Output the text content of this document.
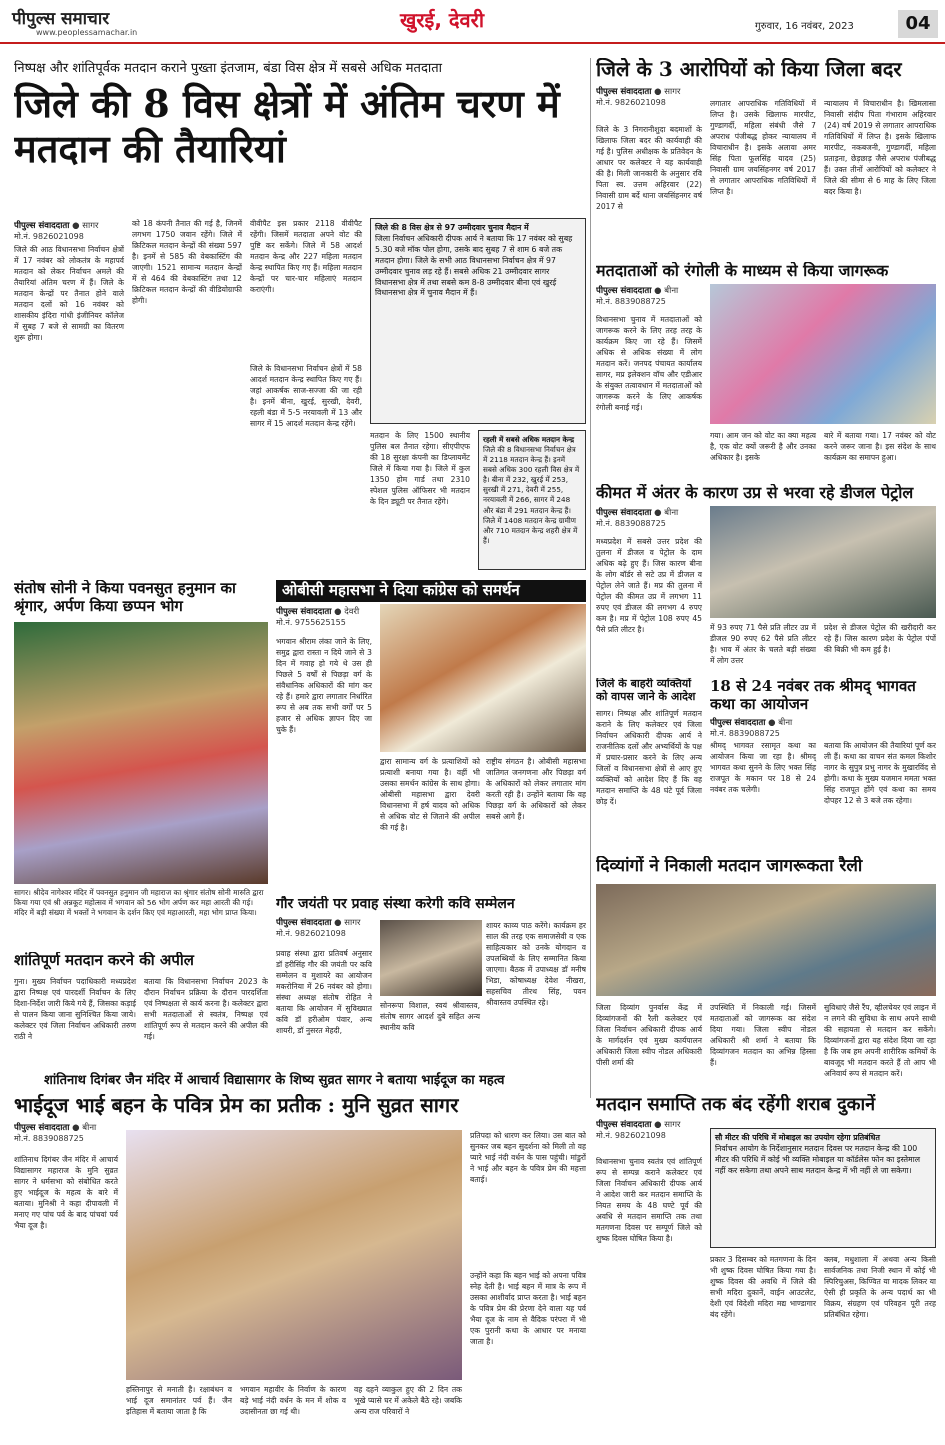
पीपुल्स समाचार
www.peoplessamachar.in
खुरई, देवरी	गुरुवार, 16 नवंबर, 2023	04
निष्पक्ष और शांतिपूर्वक मतदान कराने पुख्ता इंतजाम, बंडा विस क्षेत्र में सबसे अधिक मतदाता
जिले की 8 विस क्षेत्रों में अंतिम चरण में मतदान की तैयारियां
पीपुल्स संवाददाता ● सागर
मो.नं. 9826021098
जिले की आठ विधानसभा निर्वाचन क्षेत्रों में 17 नवंबर को लोकतंत्र के महापर्व मतदान को लेकर निर्वाचन अमले की तैयारियां अंतिम चरण में हैं। जिले के मतदान केन्द्रों पर तैनात होने वाले मतदान दलों को 16 नवंबर को शासकीय इंदिरा गांधी इंजीनियर कॉलेज में सुबह 7 बजे से सामग्री का वितरण शुरू होगा।
को 18 कंपनी तैनात की गई है, जिनमें लगभग 1750 जवान रहेंगे। जिले में क्रिटिकल मतदान केन्द्रों की संख्या 597 है। इनमें से 585 की वेबकास्टिंग की जाएगी। 1521 सामान्य मतदान केन्द्रों में से 464 की वेबकास्टिंग तथा 12 क्रिटिकल मतदान केन्द्रों की वीडियोग्राफी होगी।
वीवीपैट इस प्रकार 2118 वीवीपैट रहेंगी। जिसमें मतदाता अपने वोट की पुष्टि कर सकेंगे। जिले में 58 आदर्श मतदान केन्द्र और 227 महिला मतदान केन्द्र स्थापित किए गए हैं। महिला मतदान केन्द्रों पर चार-चार महिलाएं मतदान कराएंगी।
जिले की 8 विस क्षेत्र से 97 उम्मीदवार चुनाव मैदान में
जिला निर्वाचन अधिकारी दीपक आर्य ने बताया कि 17 नवंबर को सुबह 5.30 बजे मॉक पोल होगा, उसके बाद सुबह 7 से शाम 6 बजे तक मतदान होगा। जिले के सभी आठ विधानसभा निर्वाचन क्षेत्र में 97 उम्मीदवार चुनाव लड़ रहे हैं। सबसे अधिक 21 उम्मीदवार सागर विधानसभा क्षेत्र में तथा सबसे कम 8-8 उम्मीदवार बीना एवं खुरई विधानसभा क्षेत्र में चुनाव मैदान में हैं।
जिले के विधानसभा निर्वाचन क्षेत्रों में 58 आदर्श मतदान केन्द्र स्थापित किए गए हैं। जहां आकर्षक साज-सज्जा की जा रही है। इनमें बीना, खुरई, सुरखी, देवरी, रहली बंडा में 5-5 नरयावली में 13 और सागर में 15 आदर्श मतदान केन्द्र रहेंगे।
मतदान के लिए 1500 स्थानीय पुलिस बल तैनात रहेगा। सीएपीएफ की 18 सुरक्षा कंपनी का डिप्लायमेंट जिले में किया गया है। जिले में कुल 1350 होम गार्ड तथा 2310 स्पेशल पुलिस ऑफिसर भी मतदान के दिन ड्यूटी पर तैनात रहेंगे।
रहली में सबसे अधिक मतदान केन्द्र
जिले की 8 विधानसभा निर्वाचन क्षेत्र में 2118 मतदान केन्द्र हैं। इनमें सबसे अधिक 300 रहली विस क्षेत्र में है। बीना में 232, खुरई में 253, सुरखी में 271, देवरी में 255, नरयावली में 266, सागर में 248 और बंडा में 291 मतदान केन्द्र हैं। जिले में 1408 मतदान केन्द्र ग्रामीण और 710 मतदान केन्द्र शहरी क्षेत्र में हैं।
जिले के 3 आरोपियों को किया जिला बदर
पीपुल्स संवाददाता ● सागर
मो.नं. 9826021098
जिले के 3 निगरानीशुदा बदमाशों के खिलाफ जिला बदर की कार्यवाही की गई है। पुलिस अधीक्षक के प्रतिवेदन के आधार पर कलेक्टर ने यह कार्यवाही की है। मिली जानकारी के अनुसार रवि पिता स्व. उत्तम अहिरवार (22) निवासी ग्राम बर्दे थाना जयसिंहनगर वर्ष 2017 से
लगातार आपराधिक गतिविधियों में लिप्त है। उसके खिलाफ मारपीट, गुण्डागर्दी, महिला संबंधी जैसे 7 अपराध पंजीबद्ध होकर न्यायालय में विचाराधीन है। इसके अलावा अमर सिंह पिता फूलसिंह यादव (25) निवासी ग्राम जयसिंहनगर वर्ष 2017 से लगातार आपराधिक गतिविधियों में लिप्त है।
न्यायालय में विचाराधीन है। खिमलासा निवासी संदीप पिता गंभाराम अहिरवार (24) वर्ष 2019 से लगातार आपराधिक गतिविधियों में लिप्त है। इसके खिलाफ मारपीट, नकबजनी, गुण्डागर्दी, महिला प्रताड़ना, छेड़छाड़ जैसे अपराध पंजीबद्ध हैं। उक्त तीनों आरोपियों को कलेक्टर ने जिले की सीमा से 6 माह के लिए जिला बदर किया है।
मतदाताओं को रंगोली के माध्यम से किया जागरूक
पीपुल्स संवाददाता ● बीना
मो.नं. 8839088725
विधानसभा चुनाव में मतदाताओं को जागरूक करने के लिए तरह तरह के कार्यक्रम किए जा रहे हैं। जिसमें अधिक से अधिक संख्या में लोग मतदान करें। जनपद पंचायत कार्यालय सागर, मप्र इलेक्शन वॉच और एडीआर के संयुक्त तत्वावधान में मतदाताओं को जागरूक करने के लिए आकर्षक रंगोली बनाई गई।
गया। आम जन को वोट का क्या महत्व है, एक वोट क्यों जरूरी है और उनका अधिकार है। इसके
बारे में बताया गया। 17 नवंबर को वोट करने जरूर जाना है। इस संदेश के साथ कार्यक्रम का समापन हुआ।
कीमत में अंतर के कारण उप्र से भरवा रहे डीजल पेट्रोल
पीपुल्स संवाददाता ● बीना
मो.नं. 8839088725
मध्यप्रदेश में सबसे उत्तर प्रदेश की तुलना में डीजल व पेट्रोल के दाम अधिक बढ़े हुए हैं। जिस कारण बीना के लोग बॉर्डर से सटे उप्र में डीजल व पेट्रोल लेने जाते हैं। मप्र की तुलना में पेट्रोल की कीमत उप्र में लगभग 11 रुपए एवं डीजल की लगभग 4 रुपए कम है। मप्र में पेट्रोल 108 रुपए 45 पैसे प्रति लीटर है।	में 93 रुपए 71 पैसे प्रति लीटर उप्र में डीजल 90 रुपए 62 पैसे प्रति लीटर है। भाव में अंतर के चलते बड़ी संख्या में लोग उत्तर
प्रदेश से डीजल पेट्रोल की खरीदारी कर रहे हैं। जिस कारण प्रदेश के पेट्रोल पंपों की बिक्री भी कम हुई है।
जिले के बाहरी व्यक्तियों को वापस जाने के आदेश
सागर। निष्पक्ष और शांतिपूर्ण मतदान कराने के लिए कलेक्टर एवं जिला निर्वाचन अधिकारी दीपक आर्य ने राजनीतिक दलों और अभ्यर्थियों के पक्ष में प्रचार-प्रसार करने के लिए अन्य जिलों व विधानसभा क्षेत्रों से आए हुए व्यक्तियों को आदेश दिए हैं कि वह मतदान समाप्ति के 48 घंटे पूर्व जिला छोड़ दें।
18 से 24 नवंबर तक श्रीमद् भागवत कथा का आयोजन
पीपुल्स संवाददाता ● बीना
मो.नं. 8839088725
श्रीमद् भागवत रसामृत कथा का आयोजन किया जा रहा है। श्रीमद् भागवत कथा सुनने के लिए भक्त सिंह राजपूत के मकान पर 18 से 24 नवंबर तक चलेगी।
बताया कि आयोजन की तैयारियां पूर्ण कर ली हैं। कथा का वाचन संत कमल किशोर नागर के सुपुत्र प्रभु नागर के मुखारविंद से होगी। कथा के मुख्य यजमान ममता भक्त सिंह राजपूत होंगे एवं कथा का समय दोपहर 12 से 3 बजे तक रहेगा।
दिव्यांगों ने निकाली मतदान जागरूकता रैली
जिला दिव्यांग पुनर्वास केंद्र में दिव्यांगजनों की रैली कलेक्टर एवं जिला निर्वाचन अधिकारी दीपक आर्य के मार्गदर्शन एवं मुख्य कार्यपालन अधिकारी जिला स्वीप नोडल अधिकारी पीसी शर्मा की
उपस्थिति में निकाली गई। जिसमें मतदाताओं को जागरूक का संदेश दिया गया। जिला स्वीप नोडल अधिकारी श्री शर्मा ने बताया कि दिव्यांगजन मतदान का अभिन्न हिस्सा हैं।
सुविधाएं जैसे रैंप, व्हीलचेयर एवं लाइन में न लगने की सुविधा के साथ अपने साथी की सहायता से मतदान कर सकेंगे। दिव्यांगजनों द्वारा यह संदेश दिया जा रहा है कि जब हम अपनी शारीरिक कमियों के बावजूद भी मतदान करते हैं तो आप भी अनिवार्य रूप से मतदान करें।
संतोष सोनी ने किया पवनसुत हनुमान का श्रृंगार, अर्पण किया छप्पन भोग
सागर। श्रीदेव नागेश्वर मंदिर में पवनसुत हनुमान जी महाराज का श्रृंगार संतोष सोनी मारुति द्वारा किया गया एवं श्री अन्नकूट महोत्सव में भगवान को 56 भोग अर्पण कर महा आरती की गई। मंदिर में बड़ी संख्या में भक्तों ने भगवान के दर्शन किए एवं महाआरती, महा भोग प्राप्त किया।
शांतिपूर्ण मतदान करने की अपील
गुना। मुख्य निर्वाचन पदाधिकारी मध्यप्रदेश द्वारा निष्पक्ष एवं पारदर्शी निर्वाचन के लिए दिशा-निर्देश जारी किये गये हैं, जिसका कड़ाई से पालन किया जाना सुनिश्चित किया जाये। कलेक्टर एवं जिला निर्वाचन अधिकारी तरुण राठी ने
बताया कि विधानसभा निर्वाचन 2023 के दौरान निर्वाचन प्रक्रिया के दौरान पारदर्शिता एवं निष्पक्षता से कार्य करना है। कलेक्टर द्वारा सभी मतदाताओं से स्वतंत्र, निष्पक्ष एवं शांतिपूर्ण रूप से मतदान करने की अपील की गई।
ओबीसी महासभा ने दिया कांग्रेस को समर्थन
पीपुल्स संवाददाता ● देवरी
मो.नं. 9755625155
भगवान श्रीराम लंका जाने के लिए, समुद्र द्वारा रास्ता न दिये जाने से 3 दिन में गवाह हो गये थे उस ही पिछले 5 वर्षों से पिछड़ा वर्ग के संवैधानिक अधिकारों की मांग कर रहे हैं। हमारे द्वारा लगातार निर्धारित रूप से अब तक सभी वर्गों पर 5 हजार से अधिक ज्ञापन दिए जा चुके हैं।
द्वारा सामान्य वर्ग के प्रत्याशियों को प्रत्याशी बनाया गया है। वहीं भी उसका समर्थन कांग्रेस के साथ होगा। ओबीसी महासभा द्वारा देवरी विधानसभा में हर्ष यादव को अधिक से अधिक वोट से जिताने की अपील की गई है।
राष्ट्रीय संगठन है। ओबीसी महासभा जातिगत जनगणना और पिछड़ा वर्ग के अधिकारों को लेकर लगातार मांग करती रही है। उन्होंने बताया कि वह पिछड़ा वर्ग के अधिकारों को लेकर सबसे आगे हैं।
गौर जयंती पर प्रवाह संस्था करेगी कवि सम्मेलन
पीपुल्स संवाददाता ● सागर
मो.नं. 9826021098
प्रवाह संस्था द्वारा प्रतिवर्ष अनुसार डॉ हरीसिंह गौर की जयंती पर कवि सम्मेलन व मुशायरे का आयोजन मकरोनिया में 26 नवंबर को होगा। संस्था अध्यक्ष संतोष रोहित ने बताया कि आयोजन में सुविख्यात कवि डॉ हरीओम पंवार, अन्य शायरी, डॉ नुसरत मेहदी,
सोनरूपा विशाल, स्वयं श्रीवास्तव, संतोष सागर आदर्श दुबे सहित अन्य स्थानीय कवि
शायर काव्य पाठ करेंगे। कार्यक्रम हर साल की तरह एक समाजसेवी व एक साहित्यकार को उनके योगदान व उपलब्धियों के लिए सम्मानित किया जाएगा। बैठक में उपाध्यक्ष डॉ मनीष भिडा, कोषाध्यक्ष देवेश नीखरा, सहसचिव तीरथ सिंह, पवन श्रीवास्तव उपस्थित रहे।
शांतिनाथ दिगंबर जैन मंदिर में आचार्य विद्यासागर के शिष्य सुव्रत सागर ने बताया भाईदूज का महत्व
भाईदूज भाई बहन के पवित्र प्रेम का प्रतीक : मुनि सुव्रत सागर
पीपुल्स संवाददाता ● बीना
मो.नं. 8839088725
शांतिनाथ दिगंबर जैन मंदिर में आचार्य विद्यासागर महाराज के मुनि सुव्रत सागर ने धर्मसभा को संबोधित करते हुए भाईदूज के महत्व के बारे में बताया। मुनिश्री ने कहा दीपावली में मनाए गए पांच पर्व के बाद पांचवां पर्व भैया दूज है।
हस्तिनापुर से मनाती है। रक्षाबंधन व भाई दूज समानांतर पर्व हैं। जैन इतिहास में बताया जाता है कि
भगवान महावीर के निर्वाण के कारण बड़े भाई नंदी वर्धन के मन में शोक व उदासीनता छा गई थी।
वह दहने व्याकुल हुए की 2 दिन तक भूखे प्यासे घर में अकेले बैठे रहे। जबकि अन्य राज परिवारों ने
प्रतिपदा को धारण कर लिया। उस बात को सुनकर जब बहन सुदर्शना को मिली तो वह प्यारे भाई नंदी वर्धन के पास पहुंची। मांडुरों ने भाई और बहन के पवित्र प्रेम की महत्ता बताई।
उन्होंने कहा कि बहन भाई को अपना पवित्र स्नेह देती है। भाई बहन में मात्र के रूप में उसका आशीर्वाद प्राप्त करता है। भाई बहन के पवित्र प्रेम की प्रेरणा देने वाला यह पर्व भैया दूज के नाम से वैदिक परंपरा में भी एक पुरानी कथा के आधार पर मनाया जाता है।
मतदान समाप्ति तक बंद रहेंगी शराब दुकानें
पीपुल्स संवाददाता ● सागर
मो.नं. 9826021098	सौ मीटर की परिधि में मोबाइल का उपयोग रहेगा प्रतिबंधित
निर्वाचन आयोग के निर्देशानुसार मतदान दिवस पर मतदान केन्द्र की 100 मीटर की परिधि में कोई भी व्यक्ति मोबाइल या कॉर्डलेस फोन का इस्तेमाल नहीं कर सकेगा तथा अपने साथ मतदान केन्द्र में भी नहीं ले जा सकेगा।
विधानसभा चुनाव स्वतंत्र एवं शांतिपूर्ण रूप से सम्पन्न कराने कलेक्टर एवं जिला निर्वाचन अधिकारी दीपक आर्य ने आदेश जारी कर मतदान समाप्ति के नियत समय के 48 घण्टे पूर्व की अवधि से मतदान समाप्ति तक तथा मतगणना दिवस पर सम्पूर्ण जिले को शुष्क दिवस घोषित किया है।
प्रकार 3 दिसम्बर को मतगणना के दिन भी शुष्क दिवस घोषित किया गया है। शुष्क दिवस की अवधि में जिले की सभी मदिरा दुकानें, वाईन आउटलेट, देशी एवं विदेशी मदिरा मद्य भाण्डागार बंद रहेंगे।
क्लब, मधुशाला में अथवा अन्य किसी सार्वजनिक तथा निजी स्थान में कोई भी स्पिरिचुअस, किण्वित या मादक लिकर या ऐसी ही प्रकृति के अन्य पदार्थ का भी विक्रय, संग्रहण एवं परिवहन पूरी तरह प्रतिबंधित रहेगा।
